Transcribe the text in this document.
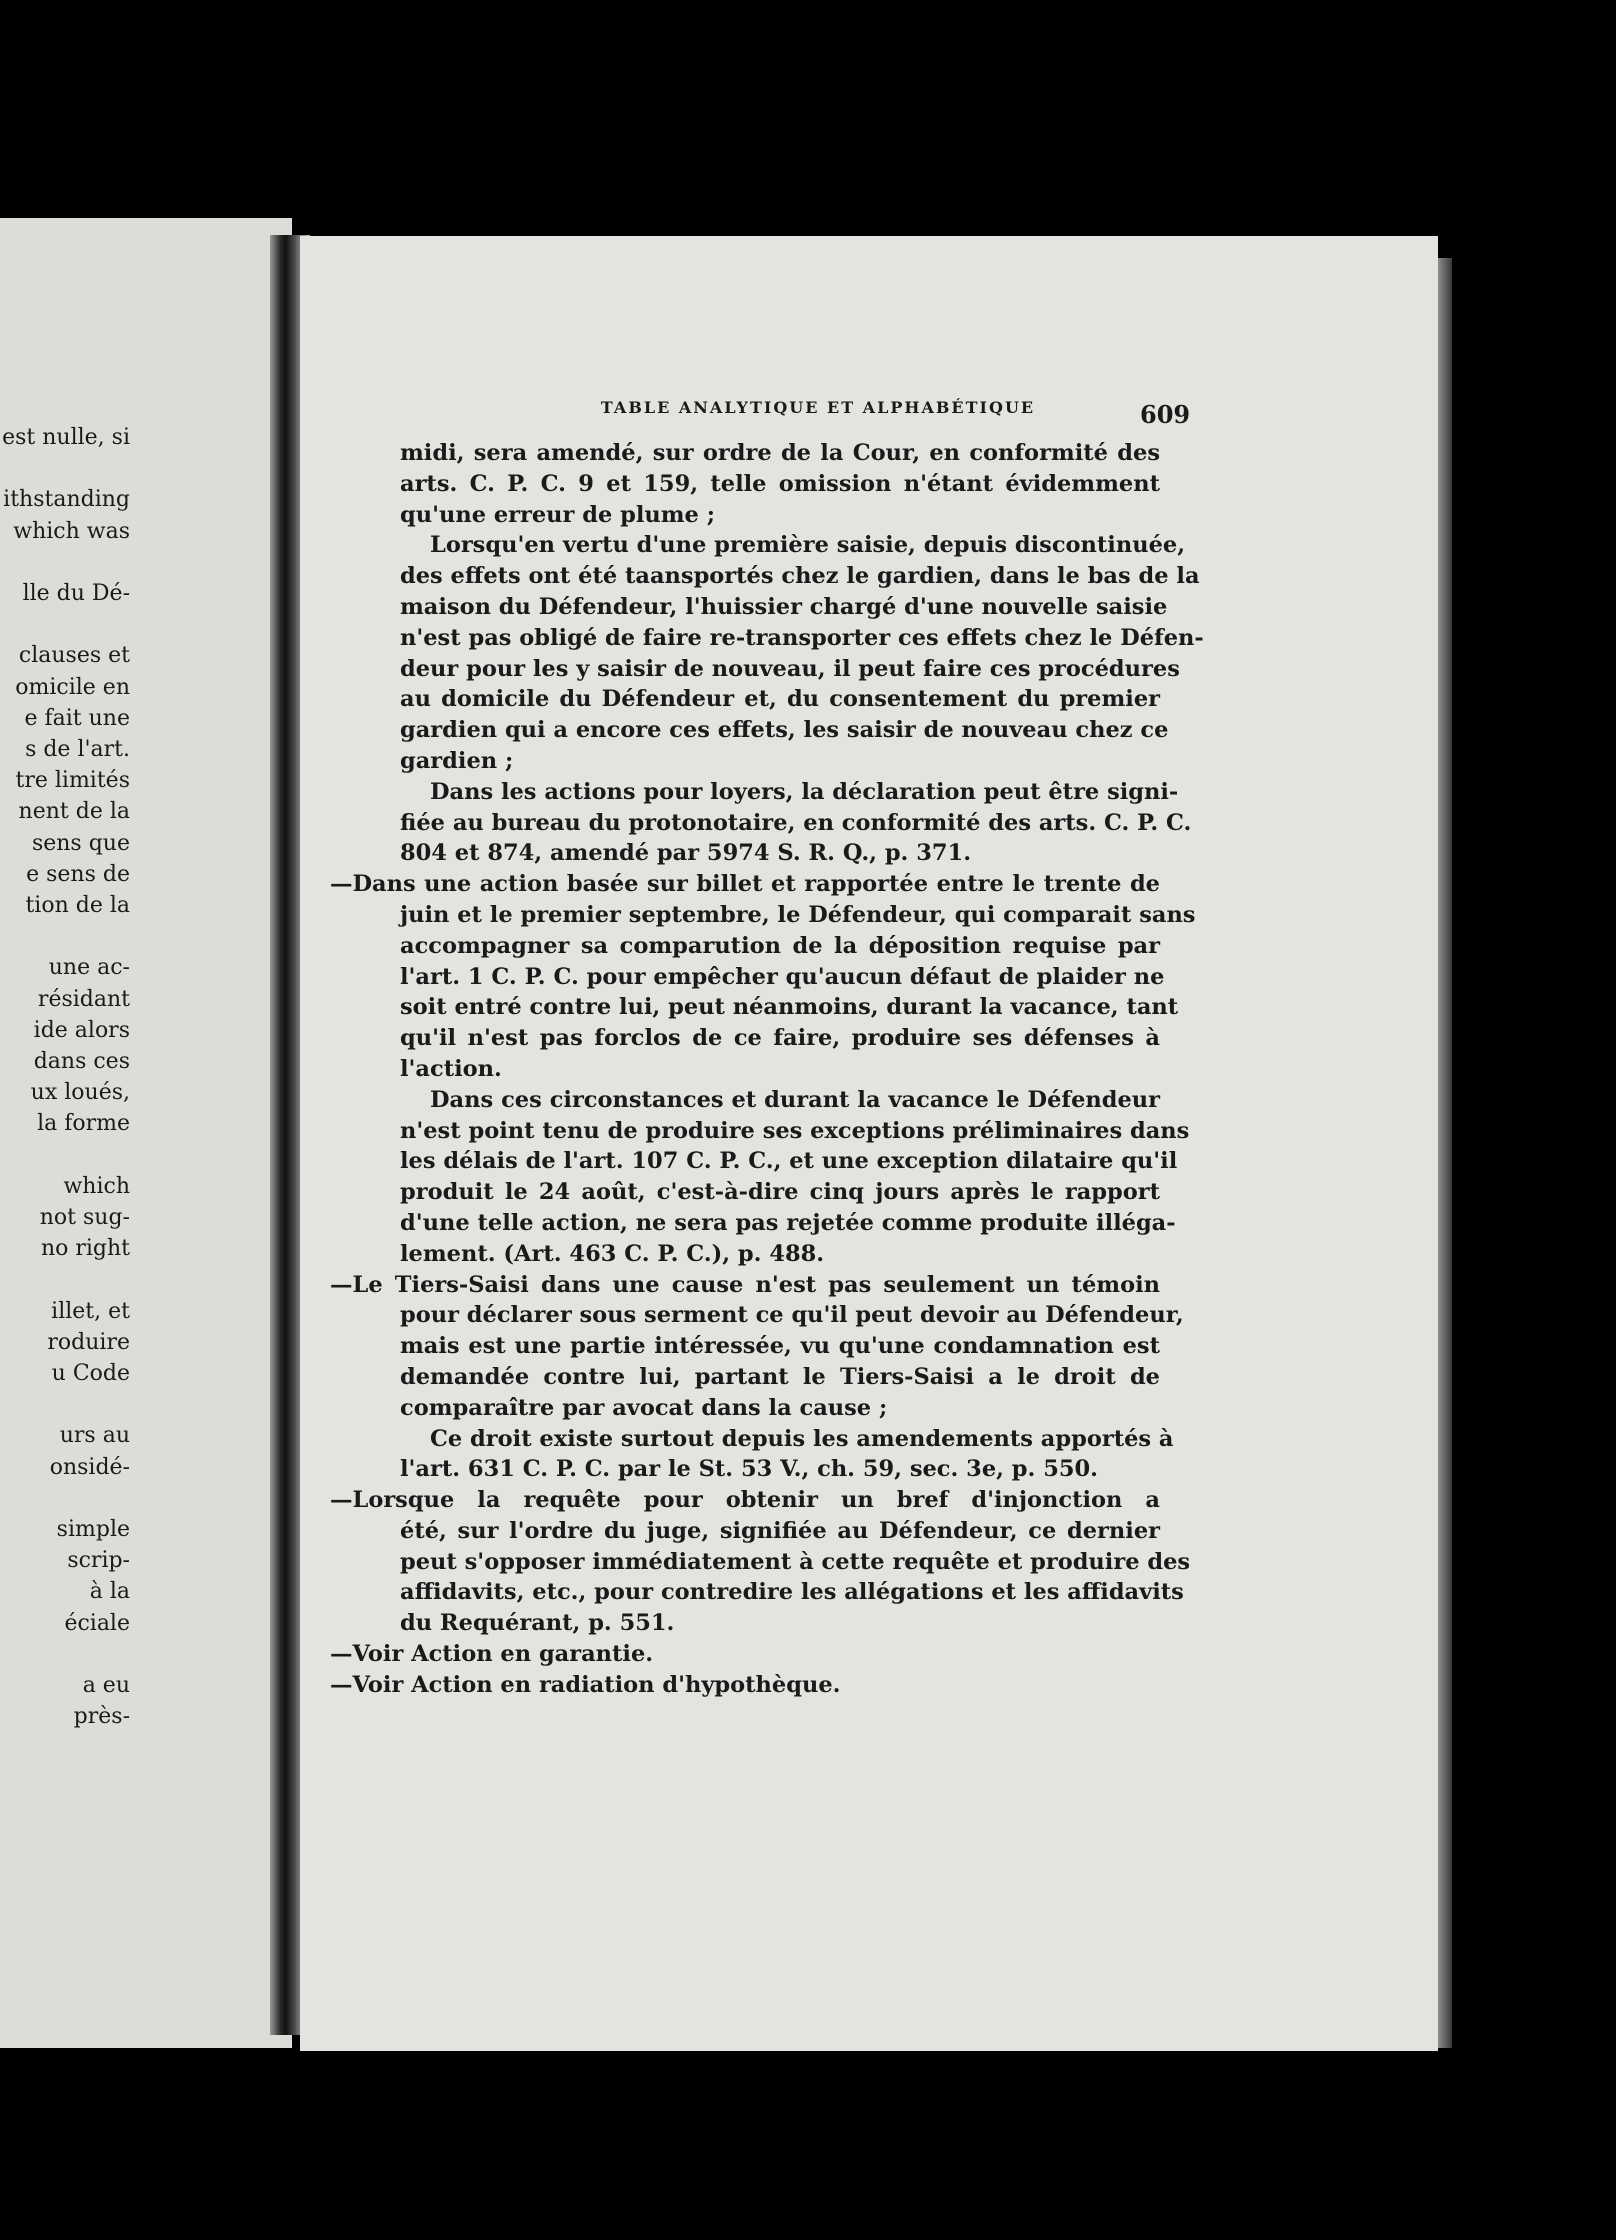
est nulle, si
ithstanding
which was
lle du Dé-
clauses et
omicile en
e fait une
s de l'art.
tre limités
nent de la
sens que
e sens de
tion de la
une ac-
résidant
ide alors
dans ces
ux loués,
la forme
which
not sug-
no right
illet, et
roduire
u Code
urs au
onsidé-
simple
scrip-
à la
éciale
a eu
près-
TABLE ANALYTIQUE ET ALPHABÉTIQUE	609
midi, sera amendé, sur ordre de la Cour, en conformité des
arts. C. P. C. 9 et 159, telle omission n'étant évidemment
qu'une erreur de plume ;
Lorsqu'en vertu d'une première saisie, depuis discontinuée,
des effets ont été taansportés chez le gardien, dans le bas de la
maison du Défendeur, l'huissier chargé d'une nouvelle saisie
n'est pas obligé de faire re-transporter ces effets chez le Défen-
deur pour les y saisir de nouveau, il peut faire ces procédures
au domicile du Défendeur et, du consentement du premier
gardien qui a encore ces effets, les saisir de nouveau chez ce
gardien ;
Dans les actions pour loyers, la déclaration peut être signi-
fiée au bureau du protonotaire, en conformité des arts. C. P. C.
804 et 874, amendé par 5974 S. R. Q., p. 371.
—Dans une action basée sur billet et rapportée entre le trente de
juin et le premier septembre, le Défendeur, qui comparait sans
accompagner sa comparution de la déposition requise par
l'art. 1 C. P. C. pour empêcher qu'aucun défaut de plaider ne
soit entré contre lui, peut néanmoins, durant la vacance, tant
qu'il n'est pas forclos de ce faire, produire ses défenses à
l'action.
Dans ces circonstances et durant la vacance le Défendeur
n'est point tenu de produire ses exceptions préliminaires dans
les délais de l'art. 107 C. P. C., et une exception dilataire qu'il
produit le 24 août, c'est-à-dire cinq jours après le rapport
d'une telle action, ne sera pas rejetée comme produite illéga-
lement. (Art. 463 C. P. C.), p. 488.
—Le Tiers-Saisi dans une cause n'est pas seulement un témoin
pour déclarer sous serment ce qu'il peut devoir au Défendeur,
mais est une partie intéressée, vu qu'une condamnation est
demandée contre lui, partant le Tiers-Saisi a le droit de
comparaître par avocat dans la cause ;
Ce droit existe surtout depuis les amendements apportés à
l'art. 631 C. P. C. par le St. 53 V., ch. 59, sec. 3e, p. 550.
—Lorsque la requête pour obtenir un bref d'injonction a
été, sur l'ordre du juge, signifiée au Défendeur, ce dernier
peut s'opposer immédiatement à cette requête et produire des
affidavits, etc., pour contredire les allégations et les affidavits
du Requérant, p. 551.
—Voir Action en garantie.
—Voir Action en radiation d'hypothèque.
